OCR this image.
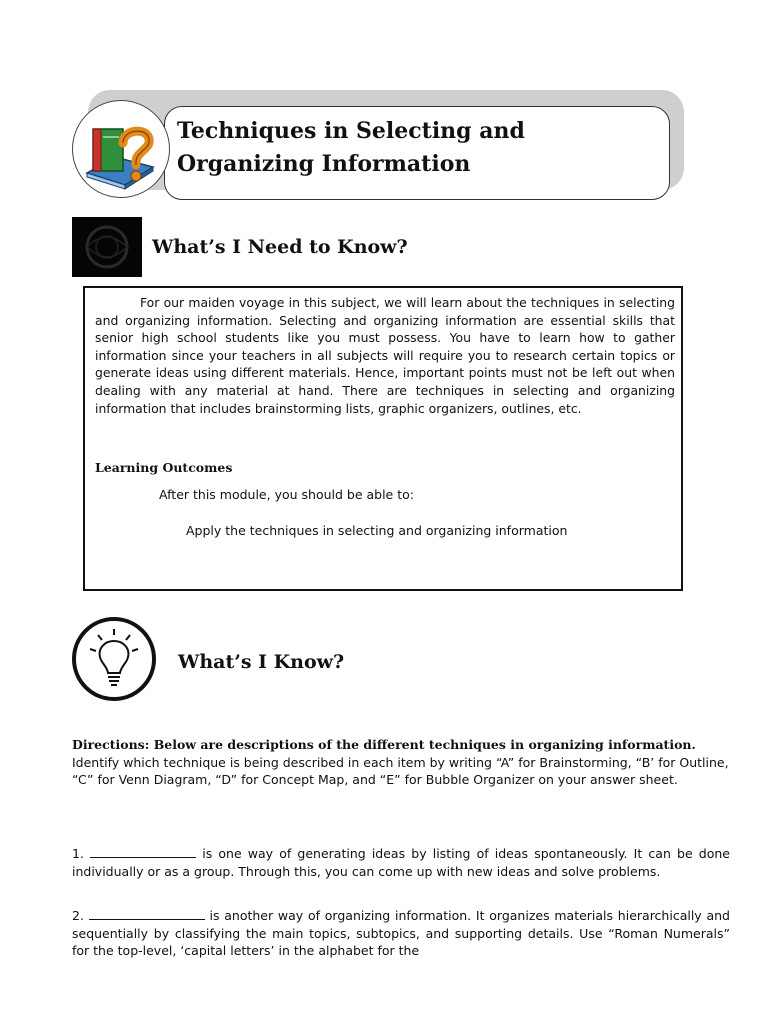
Techniques in Selecting and
Organizing Information
What’s I Need to Know?

For our maiden voyage in this subject, we will learn about the techniques in selecting and organizing information. Selecting and organizing information are essential skills that senior high school students like you must possess. You have to learn how to gather information since your teachers in all subjects will require you to research certain topics or generate ideas using different materials. Hence, important points must not be left out when dealing with any material at hand. There are techniques in selecting and organizing information that includes brainstorming lists, graphic organizers, outlines, etc.

Learning Outcomes

After this module, you should be able to:

Apply the techniques in selecting and organizing information

What’s I Know?

Directions: Below are descriptions of the different techniques in organizing information.
Identify which technique is being described in each item by writing “A” for Brainstorming, “B’ for Outline, “C” for Venn Diagram, “D” for Concept Map, and “E” for Bubble Organizer on your answer sheet.

1.	is one way of generating ideas by listing of ideas spontaneously. It can be done individually or as a group. Through this, you can come up with new ideas and solve problems.

2.	is another way of organizing information. It organizes materials hierarchically and sequentially by classifying the main topics, subtopics, and supporting details. Use “Roman Numerals” for the top-level, ‘capital letters’ in the alphabet for the
